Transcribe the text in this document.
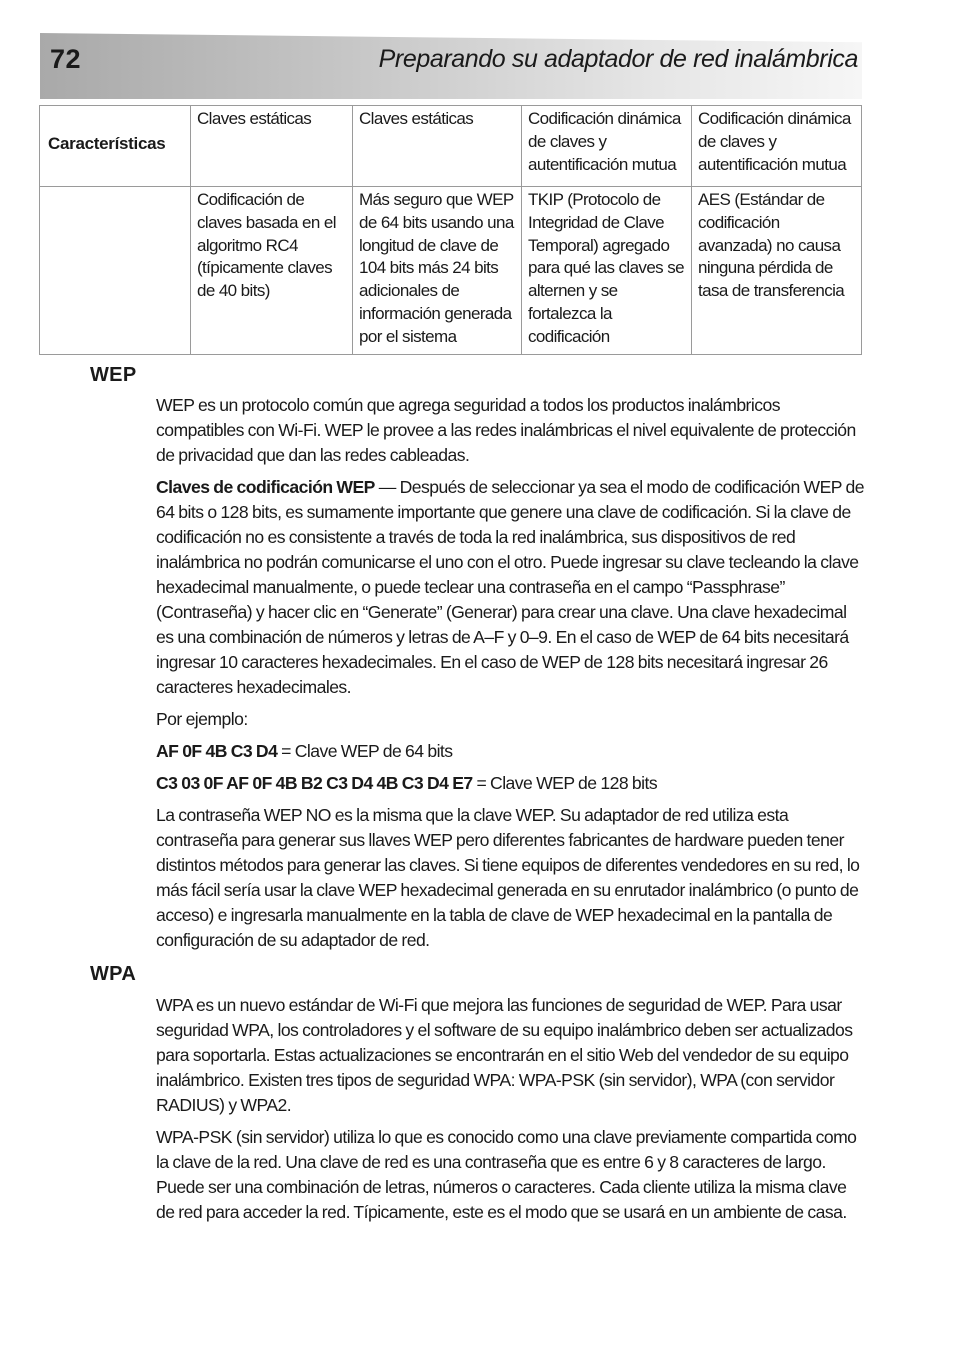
72	Preparando su adaptador de red inalámbrica
Características	Claves estáticas	Claves estáticas	Codificación dinámica de claves y autentificación mutua	Codificación dinámica de claves y autentificación mutua
	Codificación de claves basada en el algoritmo RC4 (típicamente claves de 40 bits)	Más seguro que WEP de 64 bits usando una longitud de clave de 104 bits más 24 bits adicionales de información generada por el sistema	TKIP (Protocolo de Integridad de Clave Temporal) agregado para qué las claves se alternen y se fortalezca la codificación	AES (Estándar de codificación avanzada) no causa ninguna pérdida de tasa de transferencia
WEP

WEP es un protocolo común que agrega seguridad a todos los productos inalámbricos compatibles con Wi-Fi. WEP le provee a las redes inalámbricas el nivel equivalente de protección de privacidad que dan las redes cableadas.

Claves de codificación WEP — Después de seleccionar ya sea el modo de codificación WEP de 64 bits o 128 bits, es sumamente importante que genere una clave de codificación. Si la clave de codificación no es consistente a través de toda la red inalámbrica, sus dispositivos de red inalámbrica no podrán comunicarse el uno con el otro. Puede ingresar su clave tecleando la clave hexadecimal manualmente, o puede teclear una contraseña en el campo “Passphrase” (Contraseña) y hacer clic en “Generate” (Generar) para crear una clave. Una clave hexadecimal es una combinación de números y letras de A–F y 0–9. En el caso de WEP de 64 bits necesitará ingresar 10 caracteres hexadecimales. En el caso de WEP de 128 bits necesitará ingresar 26 caracteres hexadecimales.

Por ejemplo:

AF 0F 4B C3 D4 = Clave WEP de 64 bits

C3 03 0F AF 0F 4B B2 C3 D4 4B C3 D4 E7 = Clave WEP de 128 bits

La contraseña WEP NO es la misma que la clave WEP. Su adaptador de red utiliza esta contraseña para generar sus llaves WEP pero diferentes fabricantes de hardware pueden tener distintos métodos para generar las claves. Si tiene equipos de diferentes vendedores en su red, lo más fácil sería usar la clave WEP hexadecimal generada en su enrutador inalámbrico (o punto de acceso) e ingresarla manualmente en la tabla de clave de WEP hexadecimal en la pantalla de configuración de su adaptador de red.

WPA

WPA es un nuevo estándar de Wi-Fi que mejora las funciones de seguridad de WEP. Para usar seguridad WPA, los controladores y el software de su equipo inalámbrico deben ser actualizados para soportarla. Estas actualizaciones se encontrarán en el sitio Web del vendedor de su equipo inalámbrico. Existen tres tipos de seguridad WPA: WPA-PSK (sin servidor), WPA (con servidor RADIUS) y WPA2.

WPA-PSK (sin servidor) utiliza lo que es conocido como una clave previamente compartida como la clave de la red. Una clave de red es una contraseña que es entre 6 y 8 caracteres de largo. Puede ser una combinación de letras, números o caracteres. Cada cliente utiliza la misma clave de red para acceder la red. Típicamente, este es el modo que se usará en un ambiente de casa.
